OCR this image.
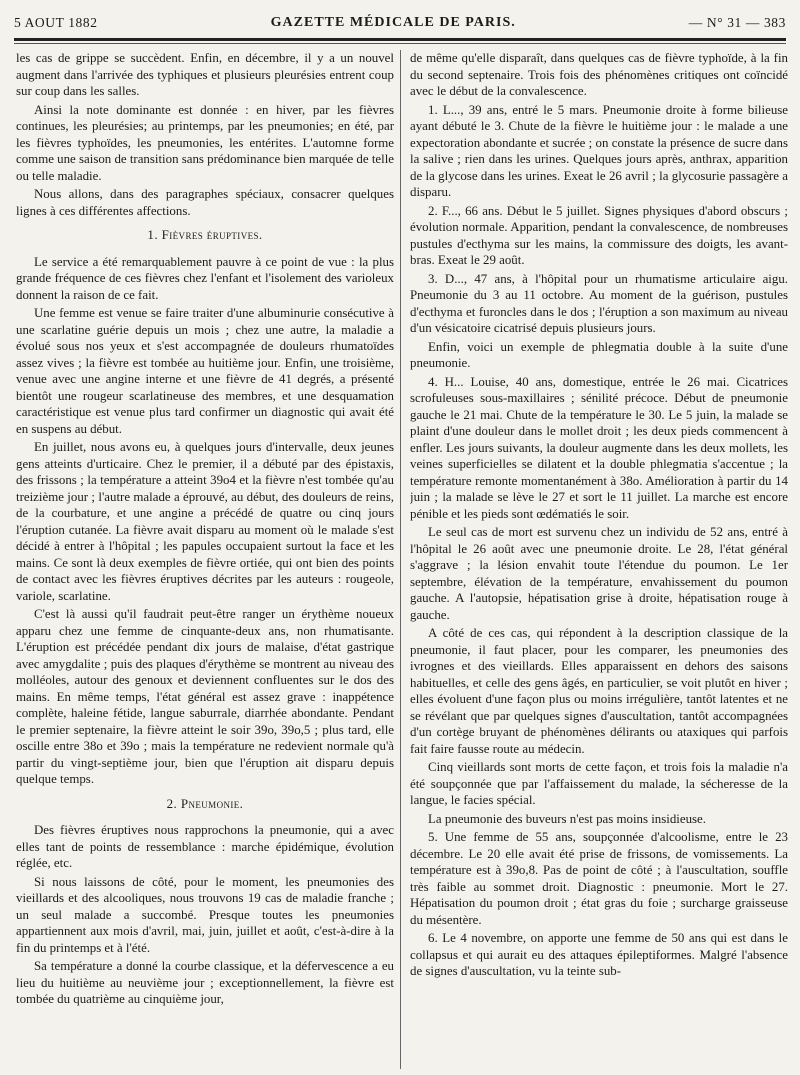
5 AOUT 1882	GAZETTE MÉDICALE DE PARIS.	— N° 31 — 383

les cas de grippe se succèdent. Enfin, en décembre, il y a un nouvel augment dans l'arrivée des typhiques et plusieurs pleurésies entrent coup sur coup dans les salles.

Ainsi la note dominante est donnée : en hiver, par les fièvres continues, les pleurésies; au printemps, par les pneumonies; en été, par les fièvres typhoïdes, les pneumonies, les entérites. L'automne forme comme une saison de transition sans prédominance bien marquée de telle ou telle maladie.

Nous allons, dans des paragraphes spéciaux, consacrer quelques lignes à ces différentes affections.

1. Fièvres éruptives.

Le service a été remarquablement pauvre à ce point de vue : la plus grande fréquence de ces fièvres chez l'enfant et l'isolement des varioleux donnent la raison de ce fait.

Une femme est venue se faire traiter d'une albuminurie consécutive à une scarlatine guérie depuis un mois ; chez une autre, la maladie a évolué sous nos yeux et s'est accompagnée de douleurs rhumatoïdes assez vives ; la fièvre est tombée au huitième jour. Enfin, une troisième, venue avec une angine interne et une fièvre de 41 degrés, a présenté bientôt une rougeur scarlatineuse des membres, et une desquamation caractéristique est venue plus tard confirmer un diagnostic qui avait été en suspens au début.

En juillet, nous avons eu, à quelques jours d'intervalle, deux jeunes gens atteints d'urticaire. Chez le premier, il a débuté par des épistaxis, des frissons ; la température a atteint 39o4 et la fièvre n'est tombée qu'au treizième jour ; l'autre malade a éprouvé, au début, des douleurs de reins, de la courbature, et une angine a précédé de quatre ou cinq jours l'éruption cutanée. La fièvre avait disparu au moment où le malade s'est décidé à entrer à l'hôpital ; les papules occupaient surtout la face et les mains. Ce sont là deux exemples de fièvre ortiée, qui ont bien des points de contact avec les fièvres éruptives décrites par les auteurs : rougeole, variole, scarlatine.

C'est là aussi qu'il faudrait peut-être ranger un érythème noueux apparu chez une femme de cinquante-deux ans, non rhumatisante. L'éruption est précédée pendant dix jours de malaise, d'état gastrique avec amygdalite ; puis des plaques d'érythème se montrent au niveau des molléoles, autour des genoux et deviennent confluentes sur le dos des mains. En même temps, l'état général est assez grave : inappétence complète, haleine fétide, langue saburrale, diarrhée abondante. Pendant le premier septenaire, la fièvre atteint le soir 39o, 39o,5 ; plus tard, elle oscille entre 38o et 39o ; mais la température ne redevient normale qu'à partir du vingt-septième jour, bien que l'éruption ait disparu depuis quelque temps.

2. Pneumonie.

Des fièvres éruptives nous rapprochons la pneumonie, qui a avec elles tant de points de ressemblance : marche épidémique, évolution réglée, etc.

Si nous laissons de côté, pour le moment, les pneumonies des vieillards et des alcooliques, nous trouvons 19 cas de maladie franche ; un seul malade a succombé. Presque toutes les pneumonies appartiennent aux mois d'avril, mai, juin, juillet et août, c'est-à-dire à la fin du printemps et à l'été.

Sa température a donné la courbe classique, et la défervescence a eu lieu du huitième au neuvième jour ; exceptionnellement, la fièvre est tombée du quatrième au cinquième jour,

de même qu'elle disparaît, dans quelques cas de fièvre typhoïde, à la fin du second septenaire. Trois fois des phénomènes critiques ont coïncidé avec le début de la convalescence.

1. L..., 39 ans, entré le 5 mars. Pneumonie droite à forme bilieuse ayant débuté le 3. Chute de la fièvre le huitième jour : le malade a une expectoration abondante et sucrée ; on constate la présence de sucre dans la salive ; rien dans les urines. Quelques jours après, anthrax, apparition de la glycose dans les urines. Exeat le 26 avril ; la glycosurie passagère a disparu.

2. F..., 66 ans. Début le 5 juillet. Signes physiques d'abord obscurs ; évolution normale. Apparition, pendant la convalescence, de nombreuses pustules d'ecthyma sur les mains, la commissure des doigts, les avant-bras. Exeat le 29 août.

3. D..., 47 ans, à l'hôpital pour un rhumatisme articulaire aigu. Pneumonie du 3 au 11 octobre. Au moment de la guérison, pustules d'ecthyma et furoncles dans le dos ; l'éruption a son maximum au niveau d'un vésicatoire cicatrisé depuis plusieurs jours.

Enfin, voici un exemple de phlegmatia double à la suite d'une pneumonie.

4. H... Louise, 40 ans, domestique, entrée le 26 mai. Cicatrices scrofuleuses sous-maxillaires ; sénilité précoce. Début de pneumonie gauche le 21 mai. Chute de la température le 30. Le 5 juin, la malade se plaint d'une douleur dans le mollet droit ; les deux pieds commencent à enfler. Les jours suivants, la douleur augmente dans les deux mollets, les veines superficielles se dilatent et la double phlegmatia s'accentue ; la température remonte momentanément à 38o. Amélioration à partir du 14 juin ; la malade se lève le 27 et sort le 11 juillet. La marche est encore pénible et les pieds sont œdématiés le soir.

Le seul cas de mort est survenu chez un individu de 52 ans, entré à l'hôpital le 26 août avec une pneumonie droite. Le 28, l'état général s'aggrave ; la lésion envahit toute l'étendue du poumon. Le 1er septembre, élévation de la température, envahissement du poumon gauche. A l'autopsie, hépatisation grise à droite, hépatisation rouge à gauche.

A côté de ces cas, qui répondent à la description classique de la pneumonie, il faut placer, pour les comparer, les pneumonies des ivrognes et des vieillards. Elles apparaissent en dehors des saisons habituelles, et celle des gens âgés, en particulier, se voit plutôt en hiver ; elles évoluent d'une façon plus ou moins irrégulière, tantôt latentes et ne se révélant que par quelques signes d'auscultation, tantôt accompagnées d'un cortège bruyant de phénomènes délirants ou ataxiques qui parfois fait faire fausse route au médecin.

Cinq vieillards sont morts de cette façon, et trois fois la maladie n'a été soupçonnée que par l'affaissement du malade, la sécheresse de la langue, le facies spécial.

La pneumonie des buveurs n'est pas moins insidieuse.

5. Une femme de 55 ans, soupçonnée d'alcoolisme, entre le 23 décembre. Le 20 elle avait été prise de frissons, de vomissements. La température est à 39o,8. Pas de point de côté ; à l'auscultation, souffle très faible au sommet droit. Diagnostic : pneumonie. Mort le 27. Hépatisation du poumon droit ; état gras du foie ; surcharge graisseuse du mésentère.

6. Le 4 novembre, on apporte une femme de 50 ans qui est dans le collapsus et qui aurait eu des attaques épileptiformes. Malgré l'absence de signes d'auscultation, vu la teinte sub-
